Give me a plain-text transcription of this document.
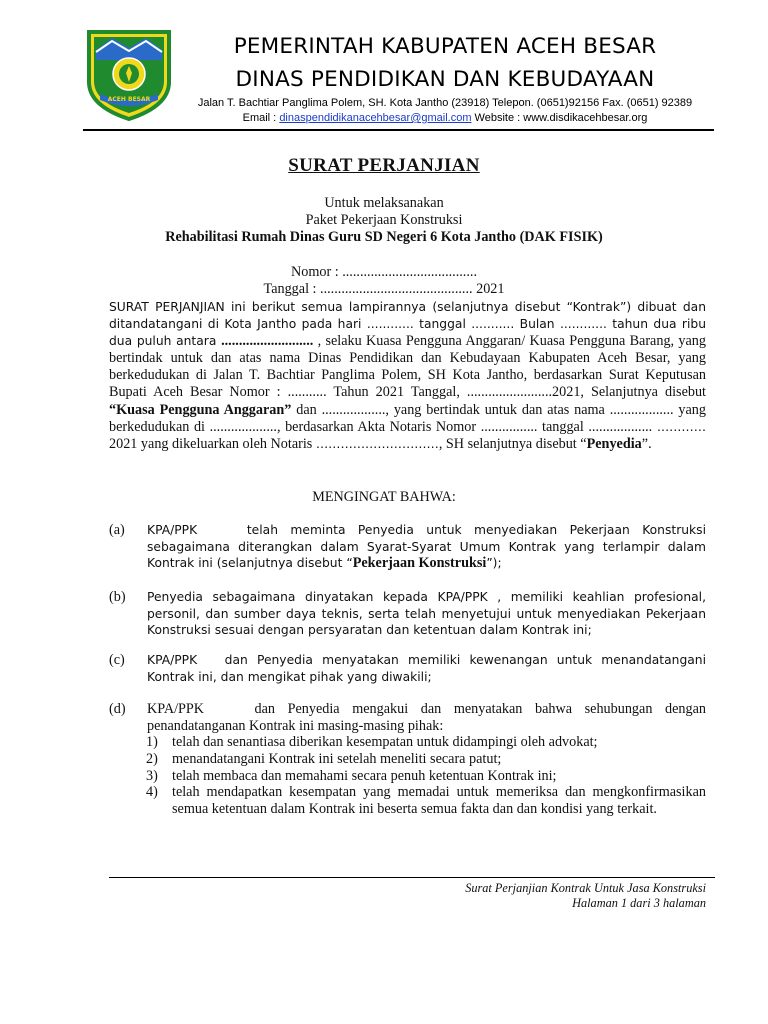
ACEH BESAR
PEMERINTAH KABUPATEN ACEH BESAR
DINAS PENDIDIKAN DAN KEBUDAYAAN
Jalan T. Bachtiar Panglima Polem, SH. Kota Jantho (23918) Telepon. (0651)92156 Fax. (0651) 92389
Email : dinaspendidikanacehbesar@gmail.com Website : www.disdikacehbesar.org
SURAT PERJANJIAN
Untuk melaksanakan
Paket Pekerjaan Konstruksi
Rehabilitasi Rumah Dinas Guru SD Negeri 6 Kota Jantho (DAK FISIK)
Nomor : ......................................
Tanggal : ........................................... 2021
SURAT PERJANJIAN ini berikut semua lampirannya (selanjutnya disebut “Kontrak”) dibuat dan ditandatangani di Kota Jantho pada hari ............ tanggal ........... Bulan ............ tahun dua ribu dua puluh antara .......................... , selaku Kuasa Pengguna Anggaran/ Kuasa Pengguna Barang, yang bertindak untuk dan atas nama Dinas Pendidikan dan Kebudayaan Kabupaten Aceh Besar, yang berkedudukan di Jalan T. Bachtiar Panglima Polem, SH Kota Jantho, berdasarkan Surat Keputusan Bupati Aceh Besar Nomor : ........... Tahun 2021 Tanggal, ........................2021, Selanjutnya disebut “Kuasa Pengguna Anggaran” dan .................., yang bertindak untuk dan atas nama .................. yang berkedudukan di ..................., berdasarkan Akta Notaris Nomor ................ tanggal .................. ………… 2021 yang dikeluarkan oleh Notaris …………………………, SH selanjutnya disebut “Penyedia”.
MENGINGAT BAHWA:
(a)	KPA/PPK    telah meminta Penyedia untuk menyediakan Pekerjaan Konstruksi sebagaimana diterangkan dalam Syarat-Syarat Umum Kontrak yang terlampir dalam Kontrak ini (selanjutnya disebut “Pekerjaan Konstruksi”);
(b)	Penyedia sebagaimana dinyatakan kepada KPA/PPK , memiliki keahlian profesional, personil, dan sumber daya teknis, serta telah menyetujui untuk menyediakan Pekerjaan Konstruksi sesuai dengan persyaratan dan ketentuan dalam Kontrak ini;
(c)	KPA/PPK   dan Penyedia menyatakan memiliki kewenangan untuk menandatangani Kontrak ini, dan mengikat pihak yang diwakili;
(d)	KPA/PPK    dan Penyedia mengakui dan menyatakan bahwa sehubungan dengan penandatanganan Kontrak ini masing-masing pihak:
1) telah dan senantiasa diberikan kesempatan untuk didampingi oleh advokat;
2) menandatangani Kontrak ini setelah meneliti secara patut;
3) telah membaca dan memahami secara penuh ketentuan Kontrak ini;
4) telah mendapatkan kesempatan yang memadai untuk memeriksa dan mengkonfirmasikan semua ketentuan dalam Kontrak ini beserta semua fakta dan dan kondisi yang terkait.
Surat Perjanjian Kontrak Untuk Jasa Konstruksi
Halaman 1 dari 3 halaman
